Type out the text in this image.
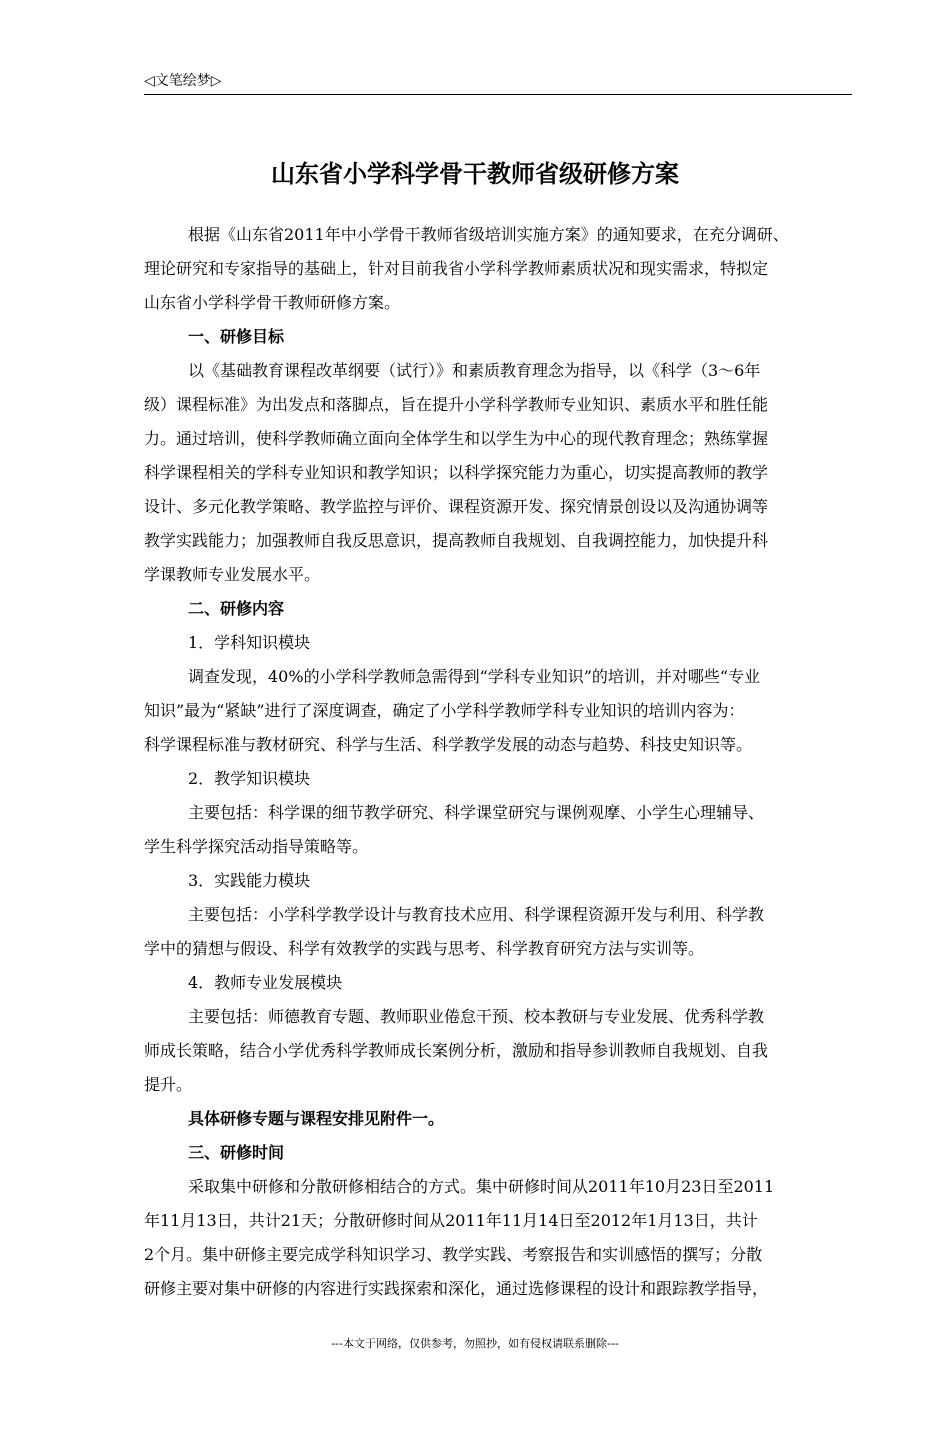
◁文笔绘梦▷
山东省小学科学骨干教师省级研修方案
根据《山东省2011年中小学骨干教师省级培训实施方案》的通知要求，在充分调研、
理论研究和专家指导的基础上，针对目前我省小学科学教师素质状况和现实需求，特拟定
山东省小学科学骨干教师研修方案。
一、研修目标
以《基础教育课程改革纲要（试行）》和素质教育理念为指导，以《科学（3～6年
级）课程标准》为出发点和落脚点，旨在提升小学科学教师专业知识、素质水平和胜任能
力。通过培训，使科学教师确立面向全体学生和以学生为中心的现代教育理念；熟练掌握
科学课程相关的学科专业知识和教学知识；以科学探究能力为重心，切实提高教师的教学
设计、多元化教学策略、教学监控与评价、课程资源开发、探究情景创设以及沟通协调等
教学实践能力；加强教师自我反思意识，提高教师自我规划、自我调控能力，加快提升科
学课教师专业发展水平。
二、研修内容
1．学科知识模块
调查发现，40%的小学科学教师急需得到“学科专业知识”的培训，并对哪些“专业
知识”最为“紧缺”进行了深度调查，确定了小学科学教师学科专业知识的培训内容为：
科学课程标准与教材研究、科学与生活、科学教学发展的动态与趋势、科技史知识等。
2．教学知识模块
主要包括：科学课的细节教学研究、科学课堂研究与课例观摩、小学生心理辅导、
学生科学探究活动指导策略等。
3．实践能力模块
主要包括：小学科学教学设计与教育技术应用、科学课程资源开发与利用、科学教
学中的猜想与假设、科学有效教学的实践与思考、科学教育研究方法与实训等。
4．教师专业发展模块
主要包括：师德教育专题、教师职业倦怠干预、校本教研与专业发展、优秀科学教
师成长策略，结合小学优秀科学教师成长案例分析，激励和指导参训教师自我规划、自我
提升。
具体研修专题与课程安排见附件一。
三、研修时间
采取集中研修和分散研修相结合的方式。集中研修时间从2011年10月23日至2011
年11月13日，共计21天；分散研修时间从2011年11月14日至2012年1月13日，共计
2个月。集中研修主要完成学科知识学习、教学实践、考察报告和实训感悟的撰写；分散
研修主要对集中研修的内容进行实践探索和深化，通过选修课程的设计和跟踪教学指导，
---本文于网络，仅供参考，勿照抄，如有侵权请联系删除---
